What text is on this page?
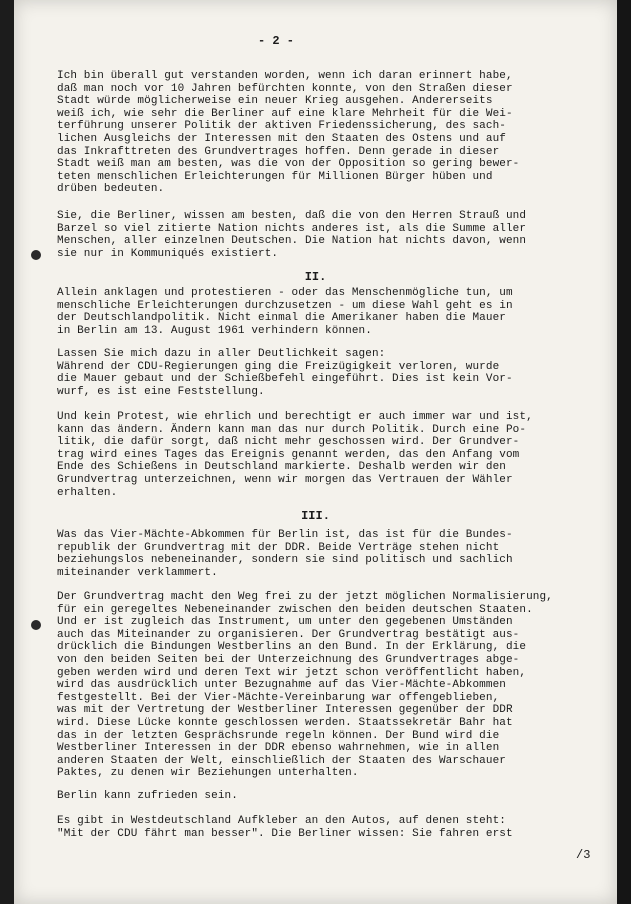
- 2 -

Ich bin überall gut verstanden worden, wenn ich daran erinnert habe,
daß man noch vor 10 Jahren befürchten konnte, von den Straßen dieser
Stadt würde möglicherweise ein neuer Krieg ausgehen. Andererseits
weiß ich, wie sehr die Berliner auf eine klare Mehrheit für die Wei-
terführung unserer Politik der aktiven Friedenssicherung, des sach-
lichen Ausgleichs der Interessen mit den Staaten des Ostens und auf
das Inkrafttreten des Grundvertrages hoffen. Denn gerade in dieser
Stadt weiß man am besten, was die von der Opposition so gering bewer-
teten menschlichen Erleichterungen für Millionen Bürger hüben und
drüben bedeuten.

Sie, die Berliner, wissen am besten, daß die von den Herren Strauß und
Barzel so viel zitierte Nation nichts anderes ist, als die Summe aller
Menschen, aller einzelnen Deutschen. Die Nation hat nichts davon, wenn
sie nur in Kommuniqués existiert.

II.

Allein anklagen und protestieren - oder das Menschenmögliche tun, um
menschliche Erleichterungen durchzusetzen - um diese Wahl geht es in
der Deutschlandpolitik. Nicht einmal die Amerikaner haben die Mauer
in Berlin am 13. August 1961 verhindern können.

Lassen Sie mich dazu in aller Deutlichkeit sagen:
Während der CDU-Regierungen ging die Freizügigkeit verloren, wurde
die Mauer gebaut und der Schießbefehl eingeführt. Dies ist kein Vor-
wurf, es ist eine Feststellung.

Und kein Protest, wie ehrlich und berechtigt er auch immer war und ist,
kann das ändern. Ändern kann man das nur durch Politik. Durch eine Po-
litik, die dafür sorgt, daß nicht mehr geschossen wird. Der Grundver-
trag wird eines Tages das Ereignis genannt werden, das den Anfang vom
Ende des Schießens in Deutschland markierte. Deshalb werden wir den
Grundvertrag unterzeichnen, wenn wir morgen das Vertrauen der Wähler
erhalten.

III.

Was das Vier-Mächte-Abkommen für Berlin ist, das ist für die Bundes-
republik der Grundvertrag mit der DDR. Beide Verträge stehen nicht
beziehungslos nebeneinander, sondern sie sind politisch und sachlich
miteinander verklammert.

Der Grundvertrag macht den Weg frei zu der jetzt möglichen Normalisierung,
für ein geregeltes Nebeneinander zwischen den beiden deutschen Staaten.
Und er ist zugleich das Instrument, um unter den gegebenen Umständen
auch das Miteinander zu organisieren. Der Grundvertrag bestätigt aus-
drücklich die Bindungen Westberlins an den Bund. In der Erklärung, die
von den beiden Seiten bei der Unterzeichnung des Grundvertrages abge-
geben werden wird und deren Text wir jetzt schon veröffentlicht haben,
wird das ausdrücklich unter Bezugnahme auf das Vier-Mächte-Abkommen
festgestellt. Bei der Vier-Mächte-Vereinbarung war offengeblieben,
was mit der Vertretung der Westberliner Interessen gegenüber der DDR
wird. Diese Lücke konnte geschlossen werden. Staatssekretär Bahr hat
das in der letzten Gesprächsrunde regeln können. Der Bund wird die
Westberliner Interessen in der DDR ebenso wahrnehmen, wie in allen
anderen Staaten der Welt, einschließlich der Staaten des Warschauer
Paktes, zu denen wir Beziehungen unterhalten.

Berlin kann zufrieden sein.

Es gibt in Westdeutschland Aufkleber an den Autos, auf denen steht:
"Mit der CDU fährt man besser". Die Berliner wissen: Sie fahren erst

/3
